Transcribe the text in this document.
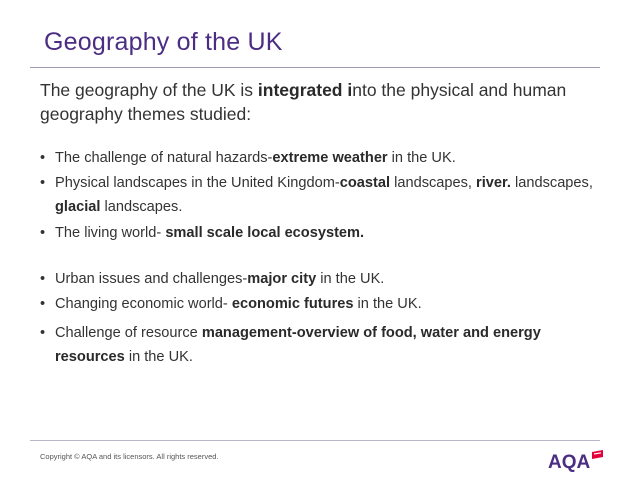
Geography of the UK
The geography of the UK is integrated into the physical and human geography themes studied:
• The challenge of natural hazards-extreme weather in the UK.
• Physical landscapes in the United Kingdom-coastal landscapes, river. landscapes, glacial landscapes.
• The living world- small scale local ecosystem.
• Urban issues and challenges-major city in the UK.
• Changing economic world- economic futures in the UK.
• Challenge of resource management-overview of food, water and energy resources in the UK.
Copyright © AQA and its licensors. All rights reserved.	AQA
